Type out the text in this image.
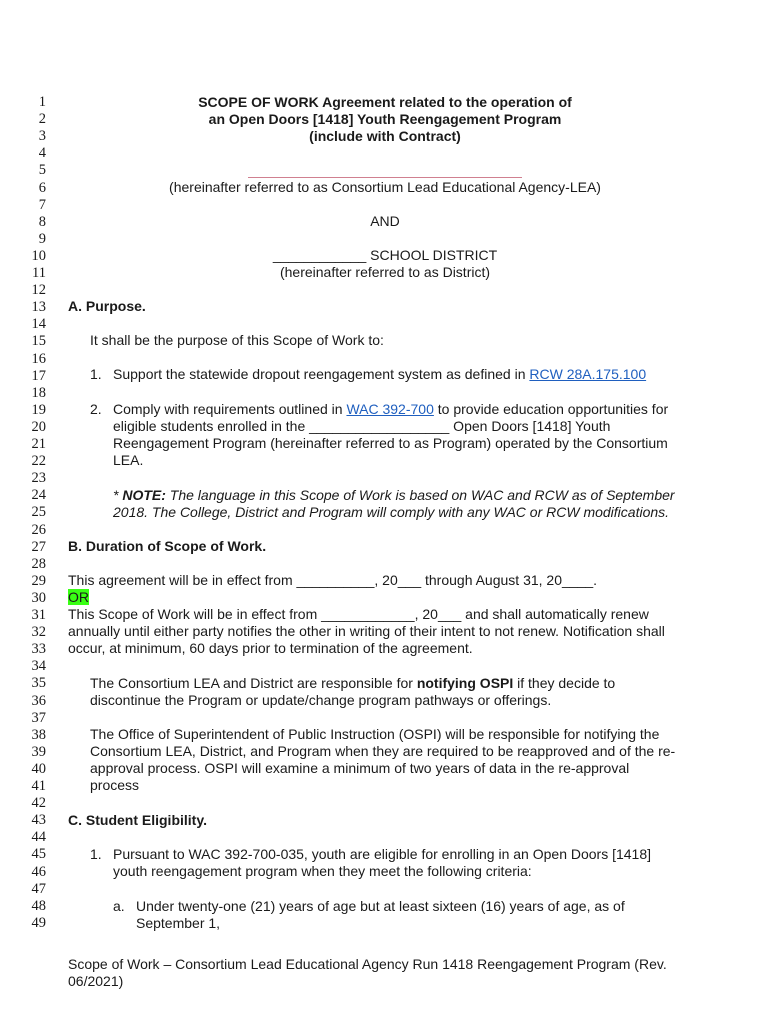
1
2
3
4
5
6
7
8
9
10
11
12
13
14
15
16
17
18
19
20
21
22
23
24
25
26
27
28
29
30
31
32
33
34
35
36
37
38
39
40
41
42
43
44
45
46
47
48
49
SCOPE OF WORK Agreement related to the operation of
an Open Doors [1418] Youth Reengagement Program
(include with Contract)
(hereinafter referred to as Consortium Lead Educational Agency-LEA)
AND
____________ SCHOOL DISTRICT
(hereinafter referred to as District)
A. Purpose.
It shall be the purpose of this Scope of Work to:
1. Support the statewide dropout reengagement system as defined in RCW 28A.175.100
2. Comply with requirements outlined in WAC 392-700 to provide education opportunities for
eligible students enrolled in the __________________ Open Doors [1418] Youth
Reengagement Program (hereinafter referred to as Program) operated by the Consortium
LEA.
* NOTE: The language in this Scope of Work is based on WAC and RCW as of September
2018. The College, District and Program will comply with any WAC or RCW modifications.
B. Duration of Scope of Work.
This agreement will be in effect from __________, 20___ through August 31, 20____.
OR
This Scope of Work will be in effect from ____________, 20___ and shall automatically renew
annually until either party notifies the other in writing of their intent to not renew. Notification shall
occur, at minimum, 60 days prior to termination of the agreement.
The Consortium LEA and District are responsible for notifying OSPI if they decide to
discontinue the Program or update/change program pathways or offerings.
The Office of Superintendent of Public Instruction (OSPI) will be responsible for notifying the
Consortium LEA, District, and Program when they are required to be reapproved and of the re-
approval process. OSPI will examine a minimum of two years of data in the re-approval
process
C. Student Eligibility.
1. Pursuant to WAC 392-700-035, youth are eligible for enrolling in an Open Doors [1418]
youth reengagement program when they meet the following criteria:
a. Under twenty-one (21) years of age but at least sixteen (16) years of age, as of
September 1,
Scope of Work – Consortium Lead Educational Agency Run 1418 Reengagement Program (Rev. 06/2021)
